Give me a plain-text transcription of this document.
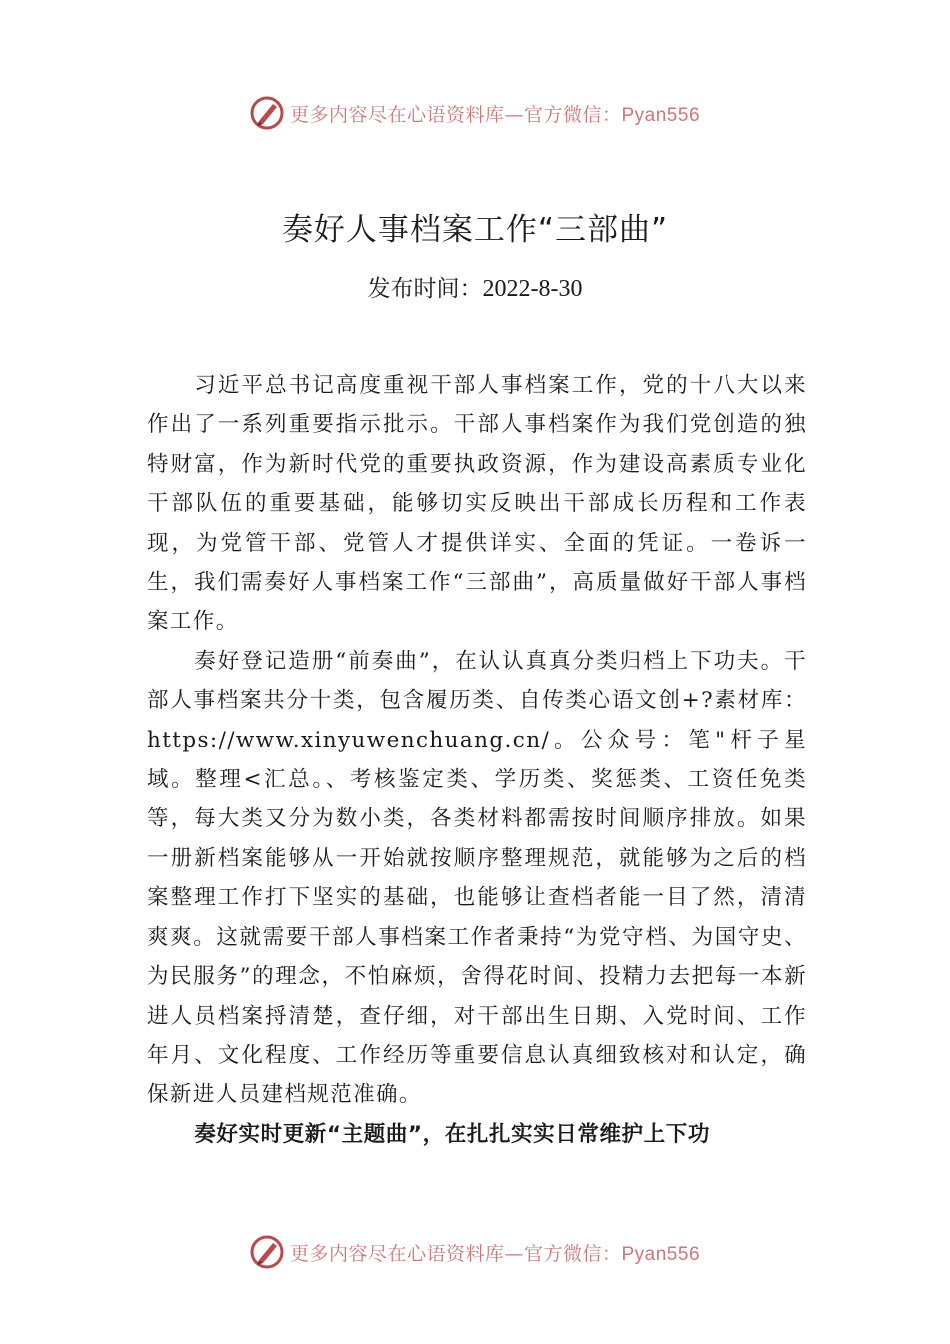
更多内容尽在心语资料库—官方微信：Pyan556
奏好人事档案工作“三部曲”
发布时间：2022-8-30

习近平总书记高度重视干部人事档案工作，党的十八大以来作出了一系列重要指示批示。干部人事档案作为我们党创造的独特财富，作为新时代党的重要执政资源，作为建设高素质专业化干部队伍的重要基础，能够切实反映出干部成长历程和工作表现，为党管干部、党管人才提供详实、全面的凭证。一卷诉一生，我们需奏好人事档案工作“三部曲”，高质量做好干部人事档案工作。

奏好登记造册“前奏曲”，在认认真真分类归档上下功夫。干部人事档案共分十类，包含履历类、自传类心语文创+?素材库：https://www.xinyuwenchuang.cn/。公众号：笔"杆子星域。整理<汇总。、考核鉴定类、学历类、奖惩类、工资任免类等，每大类又分为数小类，各类材料都需按时间顺序排放。如果一册新档案能够从一开始就按顺序整理规范，就能够为之后的档案整理工作打下坚实的基础，也能够让查档者能一目了然，清清爽爽。这就需要干部人事档案工作者秉持“为党守档、为国守史、为民服务”的理念，不怕麻烦，舍得花时间、投精力去把每一本新进人员档案捋清楚，查仔细，对干部出生日期、入党时间、工作年月、文化程度、工作经历等重要信息认真细致核对和认定，确保新进人员建档规范准确。

奏好实时更新“主题曲”，在扎扎实实日常维护上下功

更多内容尽在心语资料库—官方微信：Pyan556
